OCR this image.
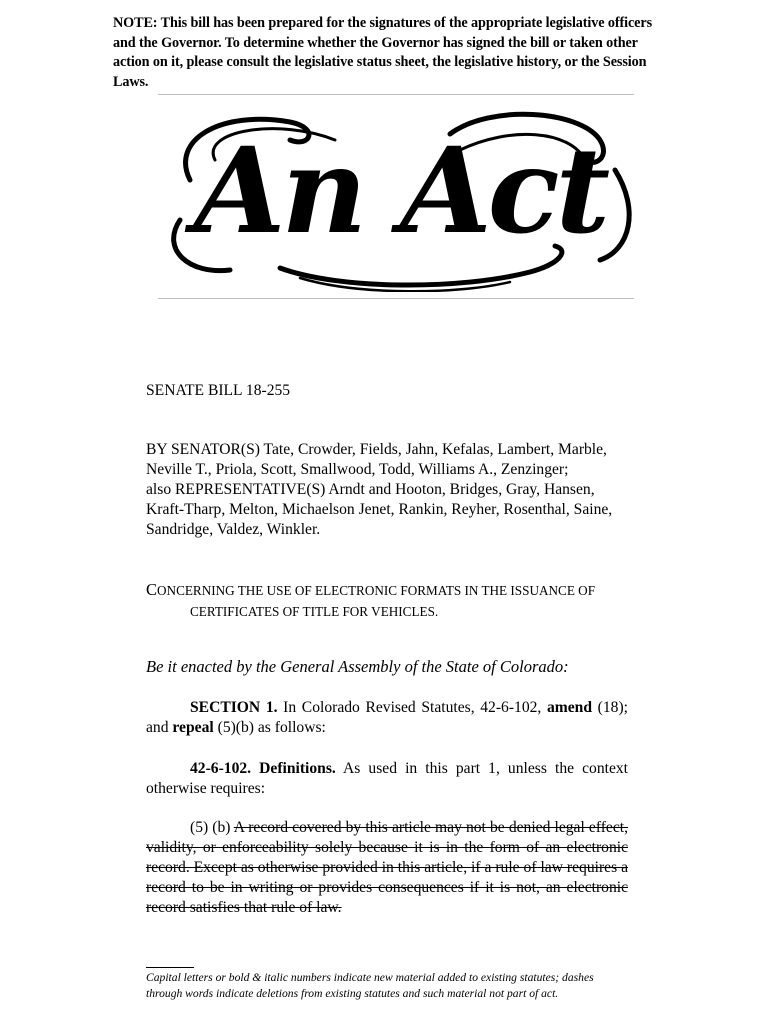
NOTE: This bill has been prepared for the signatures of the appropriate legislative officers and the Governor. To determine whether the Governor has signed the bill or taken other action on it, please consult the legislative status sheet, the legislative history, or the Session Laws.
An Act
SENATE BILL 18-255
BY SENATOR(S) Tate, Crowder, Fields, Jahn, Kefalas, Lambert, Marble, Neville T., Priola, Scott, Smallwood, Todd, Williams A., Zenzinger;
also REPRESENTATIVE(S) Arndt and Hooton, Bridges, Gray, Hansen, Kraft-Tharp, Melton, Michaelson Jenet, Rankin, Reyher, Rosenthal, Saine, Sandridge, Valdez, Winkler.
CONCERNING THE USE OF ELECTRONIC FORMATS IN THE ISSUANCE OF
CERTIFICATES OF TITLE FOR VEHICLES.
Be it enacted by the General Assembly of the State of Colorado:
SECTION 1. In Colorado Revised Statutes, 42-6-102, amend (18); and repeal (5)(b) as follows:
42-6-102. Definitions. As used in this part 1, unless the context otherwise requires:
(5) (b) A record covered by this article may not be denied legal effect, validity, or enforceability solely because it is in the form of an electronic record. Except as otherwise provided in this article, if a rule of law requires a record to be in writing or provides consequences if it is not, an electronic record satisfies that rule of law.
Capital letters or bold & italic numbers indicate new material added to existing statutes; dashes through words indicate deletions from existing statutes and such material not part of act.
